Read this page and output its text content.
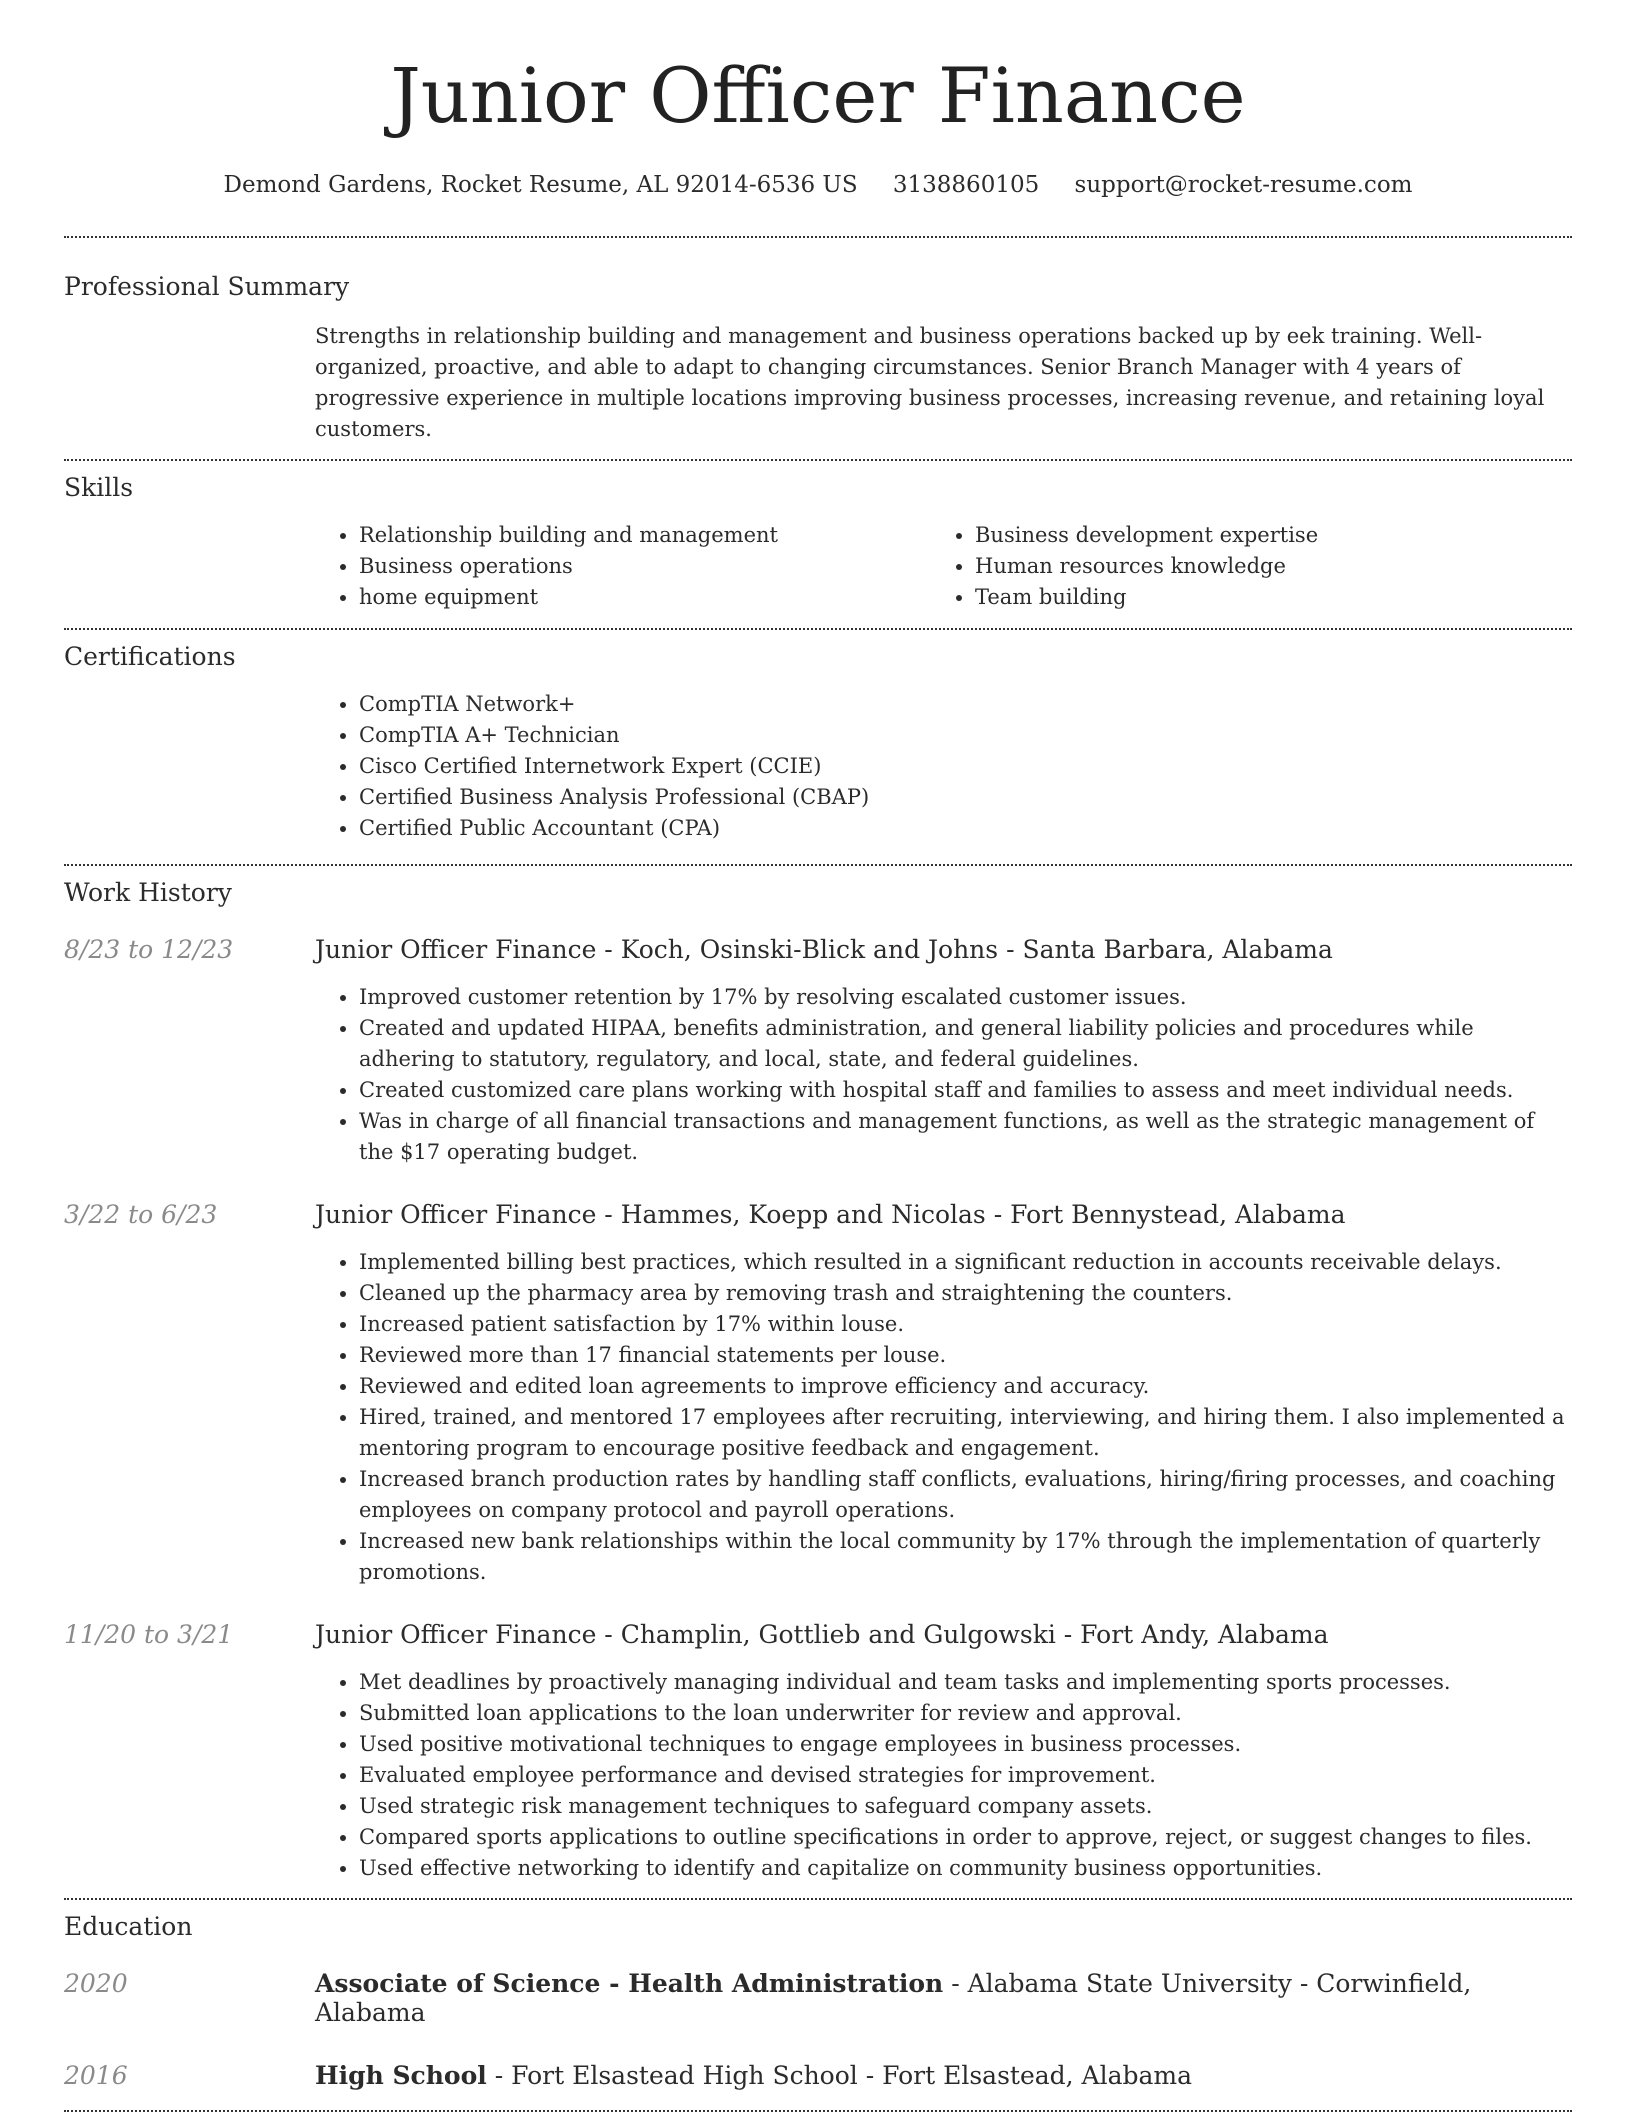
Junior Officer Finance
Demond Gardens, Rocket Resume, AL 92014-6536 US 3138860105 support@rocket-resume.com
Professional Summary
Strengths in relationship building and management and business operations backed up by eek training. Well-organized, proactive, and able to adapt to changing circumstances. Senior Branch Manager with 4 years of progressive experience in multiple locations improving business processes, increasing revenue, and retaining loyal customers.
Skills
• Relationship building and management
• Business operations
• home equipment
• Business development expertise
• Human resources knowledge
• Team building
Certifications
• CompTIA Network+
• CompTIA A+ Technician
• Cisco Certified Internetwork Expert (CCIE)
• Certified Business Analysis Professional (CBAP)
• Certified Public Accountant (CPA)
Work History
8/23 to 12/23	Junior Officer Finance - Koch, Osinski-Blick and Johns - Santa Barbara, Alabama
• Improved customer retention by 17% by resolving escalated customer issues.
• Created and updated HIPAA, benefits administration, and general liability policies and procedures while adhering to statutory, regulatory, and local, state, and federal guidelines.
• Created customized care plans working with hospital staff and families to assess and meet individual needs.
• Was in charge of all financial transactions and management functions, as well as the strategic management of the $17 operating budget.
3/22 to 6/23	Junior Officer Finance - Hammes, Koepp and Nicolas - Fort Bennystead, Alabama
• Implemented billing best practices, which resulted in a significant reduction in accounts receivable delays.
• Cleaned up the pharmacy area by removing trash and straightening the counters.
• Increased patient satisfaction by 17% within louse.
• Reviewed more than 17 financial statements per louse.
• Reviewed and edited loan agreements to improve efficiency and accuracy.
• Hired, trained, and mentored 17 employees after recruiting, interviewing, and hiring them. I also implemented a mentoring program to encourage positive feedback and engagement.
• Increased branch production rates by handling staff conflicts, evaluations, hiring/firing processes, and coaching employees on company protocol and payroll operations.
• Increased new bank relationships within the local community by 17% through the implementation of quarterly promotions.
11/20 to 3/21	Junior Officer Finance - Champlin, Gottlieb and Gulgowski - Fort Andy, Alabama
• Met deadlines by proactively managing individual and team tasks and implementing sports processes.
• Submitted loan applications to the loan underwriter for review and approval.
• Used positive motivational techniques to engage employees in business processes.
• Evaluated employee performance and devised strategies for improvement.
• Used strategic risk management techniques to safeguard company assets.
• Compared sports applications to outline specifications in order to approve, reject, or suggest changes to files.
• Used effective networking to identify and capitalize on community business opportunities.
Education
2020	Associate of Science - Health Administration - Alabama State University - Corwinfield, Alabama
2016	High School - Fort Elsastead High School - Fort Elsastead, Alabama
